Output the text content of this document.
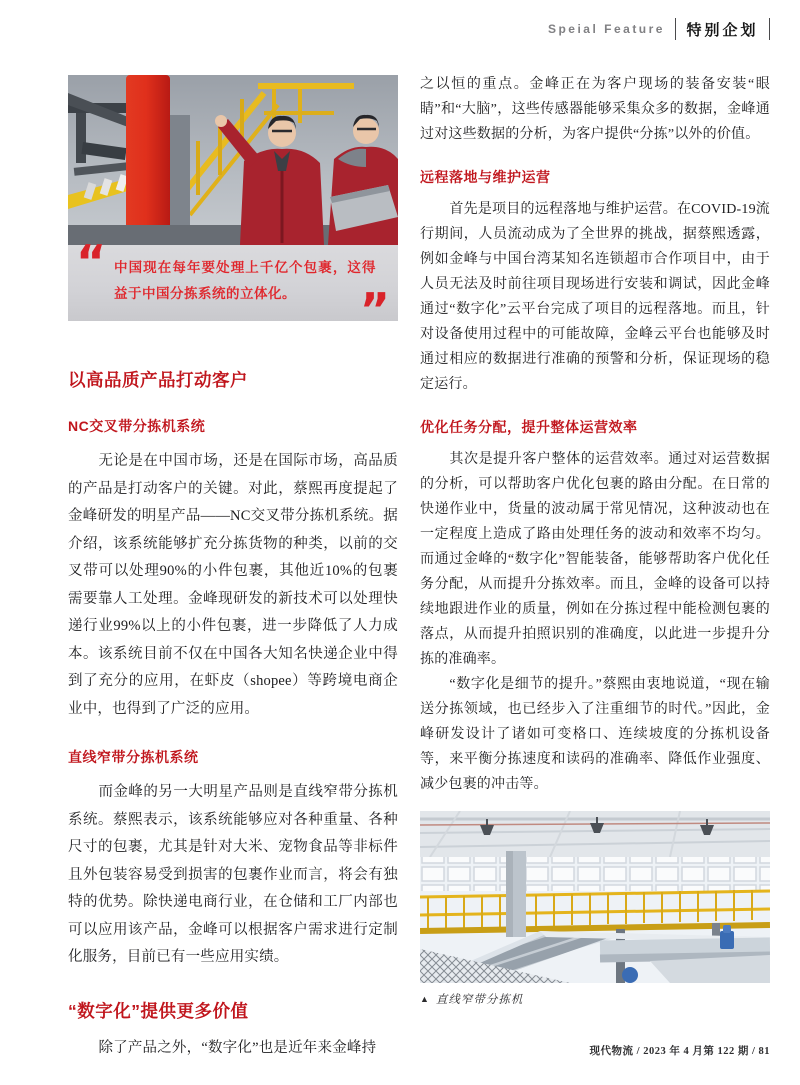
Speial Feature 特别企划
“ 中国现在每年要处理上千亿个包裹，这得益于中国分拣系统的立体化。	”
以高品质产品打动客户
NC交叉带分拣机系统

无论是在中国市场，还是在国际市场，高品质的产品是打动客户的关键。对此，蔡熙再度提起了金峰研发的明星产品——NC交叉带分拣机系统。据介绍，该系统能够扩充分拣货物的种类，以前的交叉带可以处理90%的小件包裹，其他近10%的包裹需要靠人工处理。金峰现研发的新技术可以处理快递行业99%以上的小件包裹，进一步降低了人力成本。该系统目前不仅在中国各大知名快递企业中得到了充分的应用，在虾皮（shopee）等跨境电商企业中，也得到了广泛的应用。

直线窄带分拣机系统

而金峰的另一大明星产品则是直线窄带分拣机系统。蔡熙表示，该系统能够应对各种重量、各种尺寸的包裹，尤其是针对大米、宠物食品等非标件且外包装容易受到损害的包裹作业而言，将会有独特的优势。除快递电商行业，在仓储和工厂内部也可以应用该产品，金峰可以根据客户需求进行定制化服务，目前已有一些应用实绩。

“数字化”提供更多价值

除了产品之外，“数字化”也是近年来金峰持

之以恒的重点。金峰正在为客户现场的装备安装“眼睛”和“大脑”，这些传感器能够采集众多的数据，金峰通过对这些数据的分析，为客户提供“分拣”以外的价值。

远程落地与维护运营

首先是项目的远程落地与维护运营。在COVID-19流行期间，人员流动成为了全世界的挑战，据蔡熙透露，例如金峰与中国台湾某知名连锁超市合作项目中，由于人员无法及时前往项目现场进行安装和调试，因此金峰通过“数字化”云平台完成了项目的远程落地。而且，针对设备使用过程中的可能故障，金峰云平台也能够及时通过相应的数据进行准确的预警和分析，保证现场的稳定运行。

优化任务分配，提升整体运营效率

其次是提升客户整体的运营效率。通过对运营数据的分析，可以帮助客户优化包裹的路由分配。在日常的快递作业中，货量的波动属于常见情况，这种波动也在一定程度上造成了路由处理任务的波动和效率不均匀。而通过金峰的“数字化”智能装备，能够帮助客户优化任务分配，从而提升分拣效率。而且，金峰的设备可以持续地跟进作业的质量，例如在分拣过程中能检测包裹的落点，从而提升拍照识别的准确度，以此进一步提升分拣的准确率。

“数字化是细节的提升。”蔡熙由衷地说道，“现在输送分拣领域，也已经步入了注重细节的时代。”因此，金峰研发设计了诸如可变格口、连续坡度的分拣机设备等，来平衡分拣速度和读码的准确率、降低作业强度、减少包裹的冲击等。

▲ 直线窄带分拣机
现代物流 / 2023 年 4 月第 122 期 / 81
